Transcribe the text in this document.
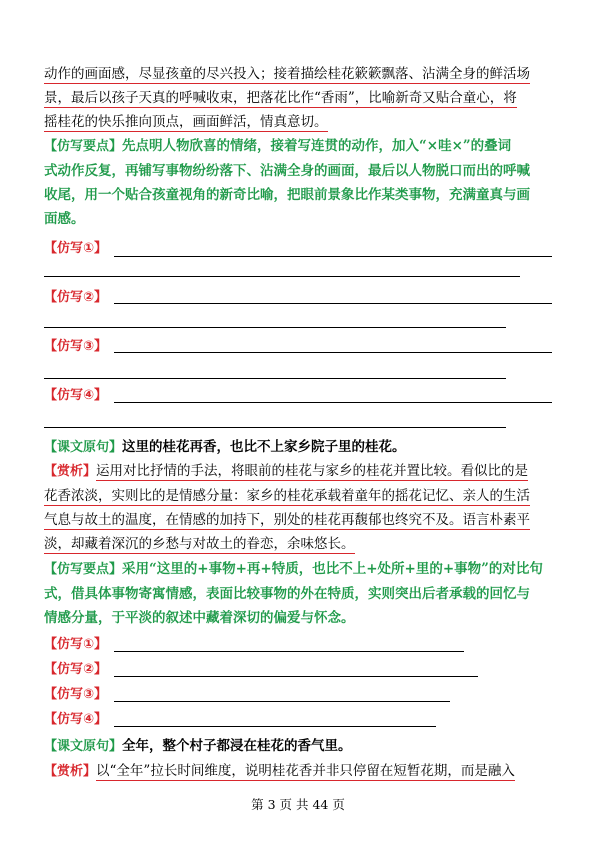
动作的画面感，尽显孩童的尽兴投入；接着描绘桂花簌簌飘落、沾满全身的鲜活场
景，最后以孩子天真的呼喊收束，把落花比作“香雨”，比喻新奇又贴合童心，将
摇桂花的快乐推向顶点，画面鲜活，情真意切。

【仿写要点】先点明人物欣喜的情绪，接着写连贯的动作，加入“×哇×”的叠词
式动作反复，再铺写事物纷纷落下、沾满全身的画面，最后以人物脱口而出的呼喊
收尾，用一个贴合孩童视角的新奇比喻，把眼前景象比作某类事物，充满童真与画
面感。

【仿写①】
【仿写②】
【仿写③】
【仿写④】

【课文原句】这里的桂花再香，也比不上家乡院子里的桂花。

【赏析】运用对比抒情的手法，将眼前的桂花与家乡的桂花并置比较。看似比的是
花香浓淡，实则比的是情感分量：家乡的桂花承载着童年的摇花记忆、亲人的生活
气息与故土的温度，在情感的加持下，别处的桂花再馥郁也终究不及。语言朴素平
淡，却藏着深沉的乡愁与对故土的眷恋，余味悠长。

【仿写要点】采用“这里的+事物+再+特质，也比不上+处所+里的+事物”的对比句
式，借具体事物寄寓情感，表面比较事物的外在特质，实则突出后者承载的回忆与
情感分量，于平淡的叙述中藏着深切的偏爱与怀念。

【仿写①】
【仿写②】
【仿写③】
【仿写④】

【课文原句】全年，整个村子都浸在桂花的香气里。

【赏析】以“全年”拉长时间维度，说明桂花香并非只停留在短暂花期，而是融入

第 3 页 共 44 页
